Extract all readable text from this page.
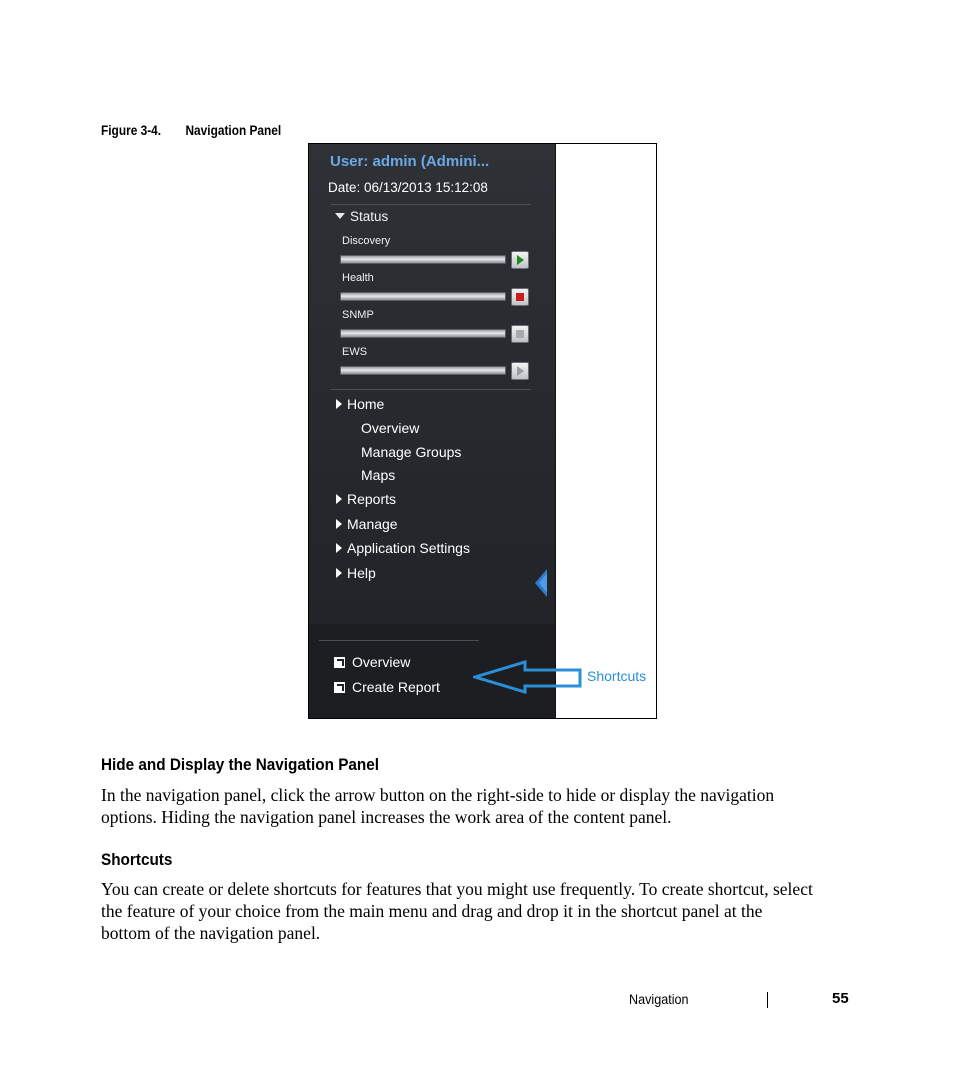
Figure 3-4. Navigation Panel
User: admin (Admini...
Date: 06/13/2013 15:12:08
Status
Discovery
Health
SNMP
EWS
Home
Overview
Manage Groups
Maps
Reports
Manage
Application Settings
Help
Overview
Create Report
Shortcuts
Hide and Display the Navigation Panel
In the navigation panel, click the arrow button on the right-side to hide or display the navigation
options. Hiding the navigation panel increases the work area of the content panel.
Shortcuts
You can create or delete shortcuts for features that you might use frequently. To create shortcut, select
the feature of your choice from the main menu and drag and drop it in the shortcut panel at the
bottom of the navigation panel.
Navigation	55
